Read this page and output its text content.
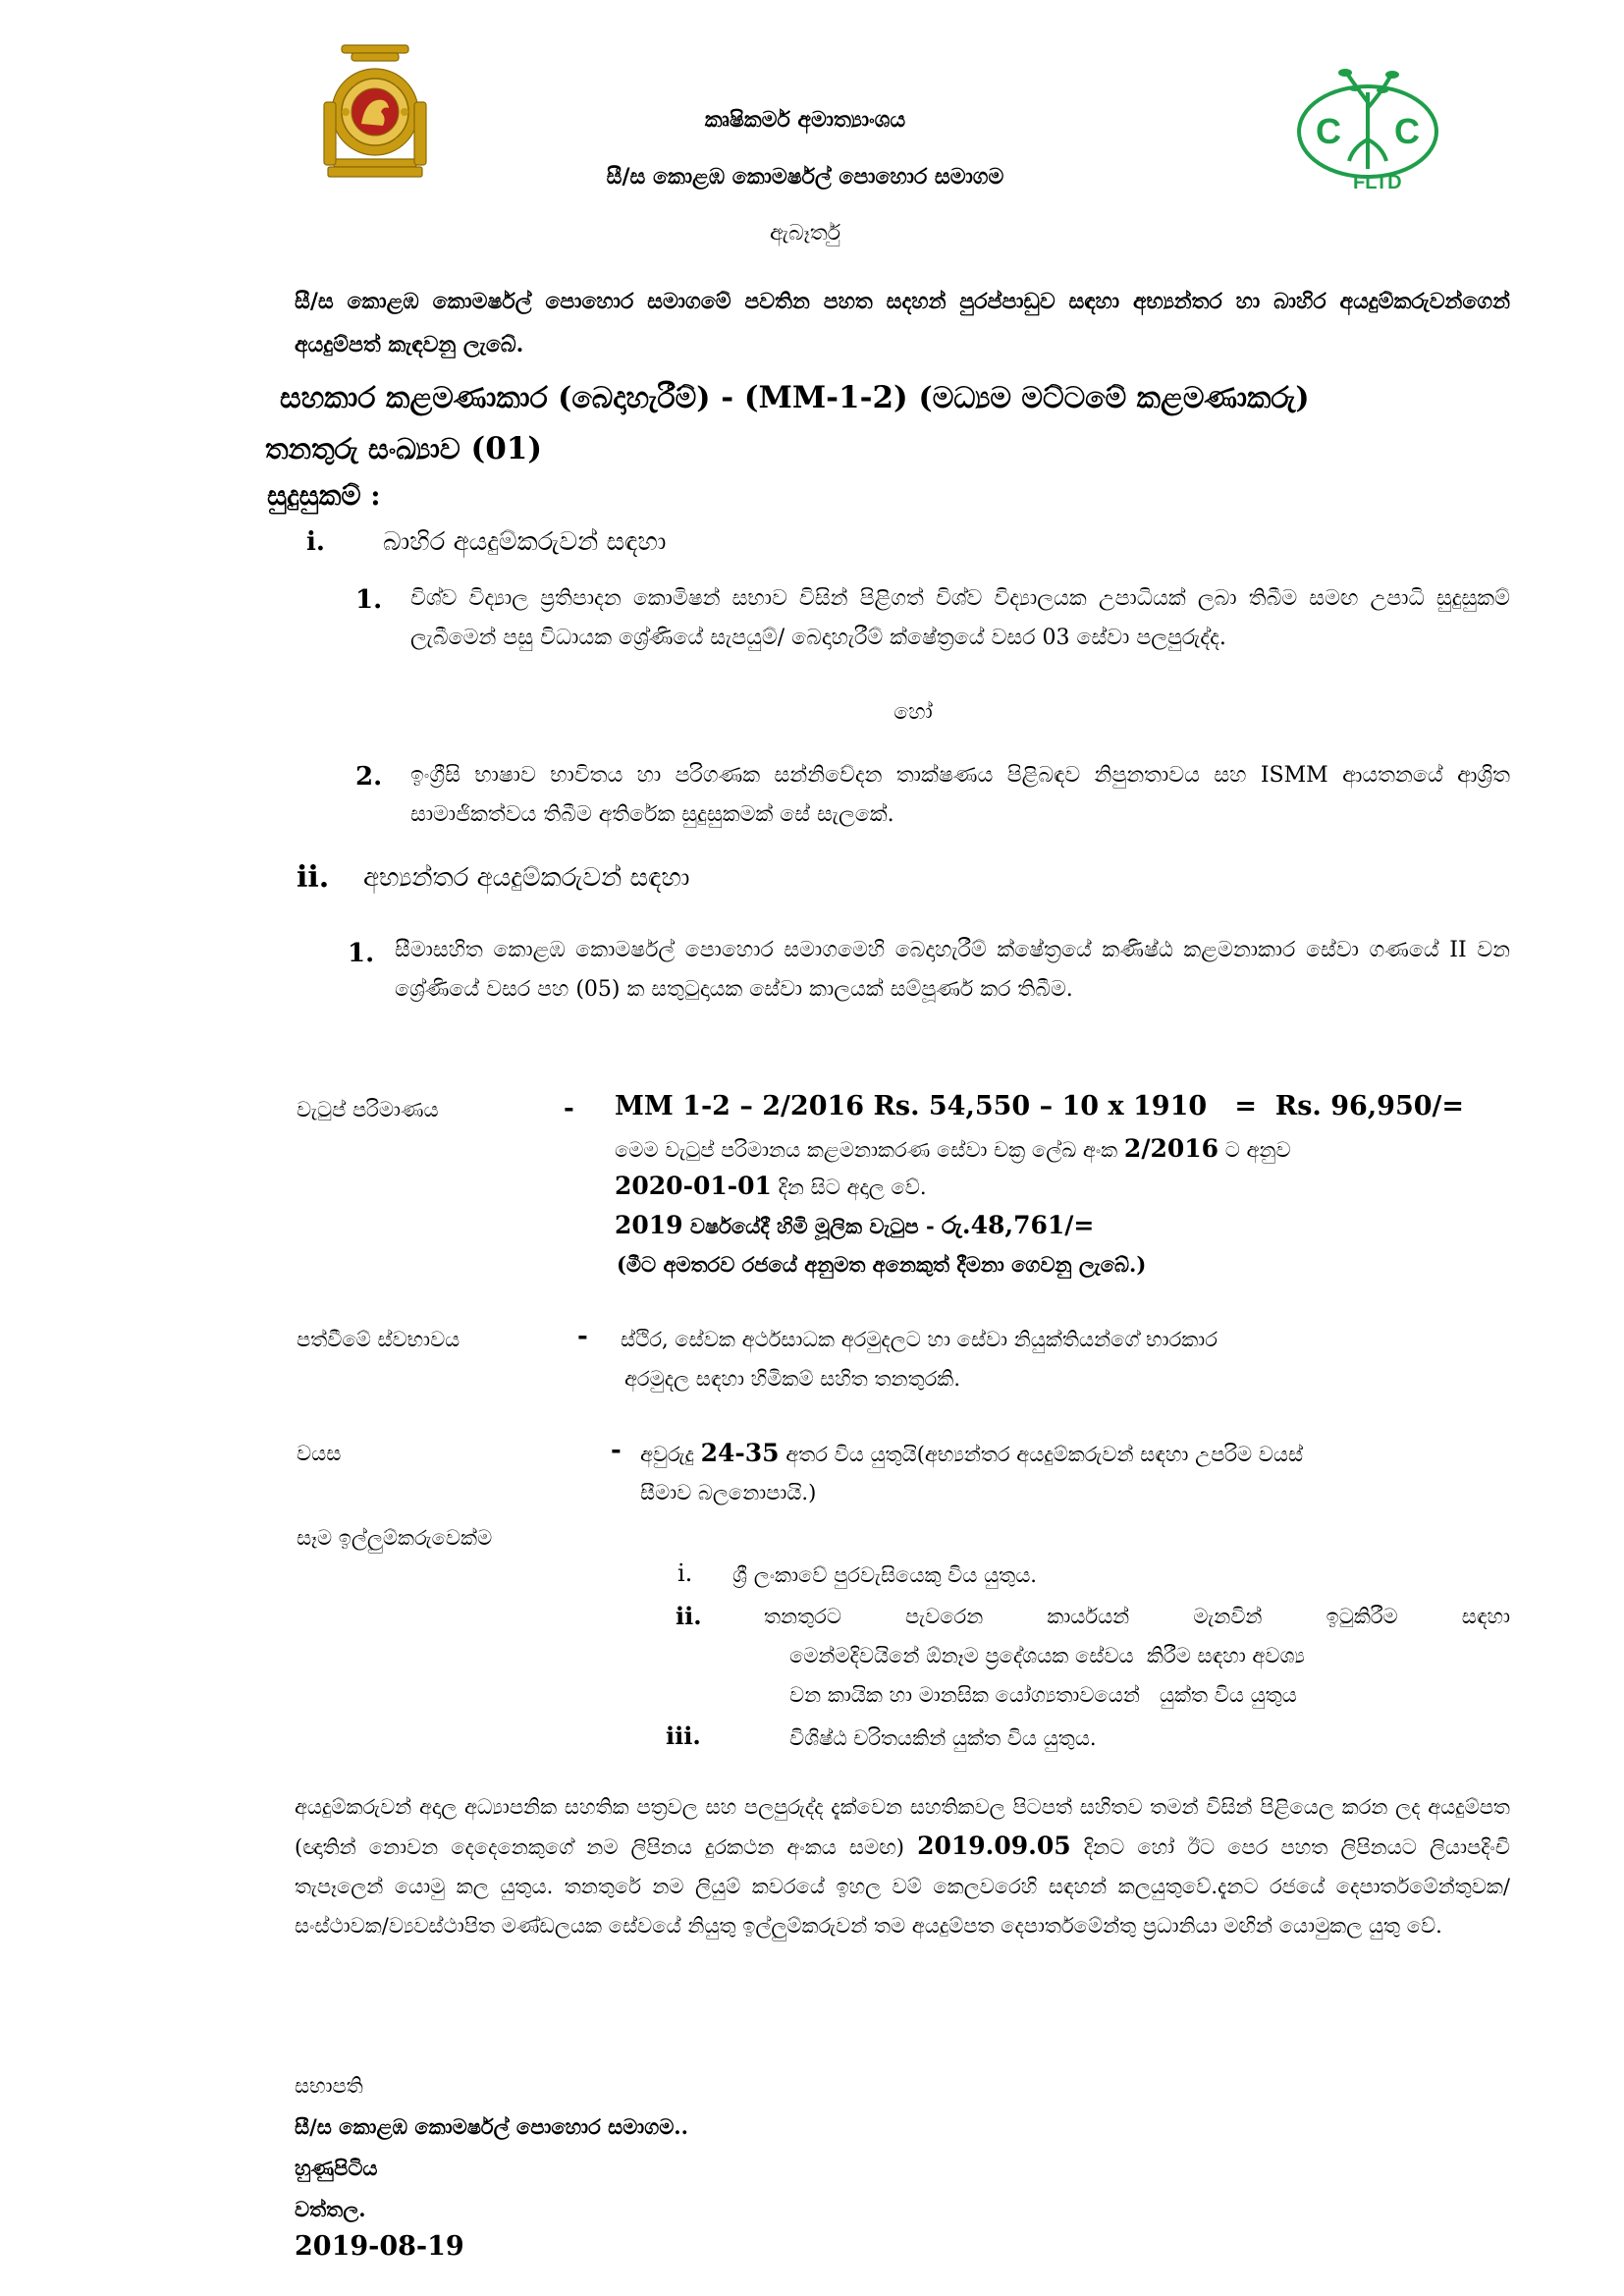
C C
FLTD
කෘෂිකර්ම අමාත්‍යාංශය
සී/ස කොළඹ කොමර්ෂල් පොහොර සමාගම
ඇබෑර්තු
සී/ස කොළඹ කොමර්ෂල් පොහොර සමාගමේ පවතින පහත සදහන් පුරප්පාඩුව සඳහා අභ්‍යන්තර හා බාහිර අයදුම්කරුවන්ගෙන් අයදුම්පත් කැඳවනු ලැබේ.
සහකාර කළමණාකාර (බෙදාහැරීම්) - (MM-1-2) (මධ්‍යම මට්ටමේ කළමණාකරු)
තනතුරු සංඛ්‍යාව (01)
සුදුසුකම් :
i.	බාහිර අයදුම්කරුවන් සඳහා
1. විශ්ව විද්‍යාල ප්‍රතිපාදන කොමිෂන් සභාව විසින් පිළිගත් විශ්ව විද්‍යාලයක උපාධියක් ලබා තිබීම සමඟ උපාධි සුදුසුකම් ලැබීමෙන් පසු විධායක ශ්‍රේණියේ සැපයුම්/ බෙදාහැරීම් ක්ෂේත්‍රයේ වසර 03 සේවා පලපුරුද්ද.
හෝ
2. ඉංග්‍රීසි භාෂාව භාවිතය හා පරිගණක සන්නිවේදන තාක්ෂණය පිළිබඳව නිපුනතාවය සහ ISMM ආයතනයේ ආශ්‍රිත සාමාජිකත්වය තිබීම අතිරේක සුදුසුකමක් සේ සැලකේ.
ii.	අභ්‍යන්තර අයදුම්කරුවන් සඳහා
1. සීමාසහිත කොළඹ කොමර්ෂල් පොහොර සමාගමෙහි බෙදාහැරීම් ක්ෂේත්‍රයේ කණිෂ්ඨ කළමනාකාර සේවා ගණයේ II වන ශ්‍රේණියේ වසර පහ (05) ක සතුටුදායක සේවා කාලයක් සම්පූර්ණ කර තිබීම.
වැටුප් පරිමාණය	- MM 1-2 – 2/2016 Rs. 54,550 – 10 x 1910   =  Rs. 96,950/=
මෙම වැටුප් පරිමානය කළමනාකරණ සේවා චක්‍ර ලේඛ අංක 2/2016 ට අනුව
2020-01-01 දින සිට අදාල වේ.
2019 වර්ෂයේදී හිමි මූලික වැටුප - රු.48,761/=
(මීට අමතරව රජයේ අනුමත අනෙකුත් දීමනා ගෙවනු ලැබේ.)
පත්වීමේ ස්වභාවය	- ස්ථිර, සේවක අර්ථසාධක අරමුදලට හා සේවා නියුක්තියන්ගේ භාරකාර
අරමුදල සඳහා හිමිකම් සහිත තනතුරකි.
වයස	- අවුරුදු 24-35 අතර විය යුතුයි(අභ්‍යන්තර අයදුම්කරුවන් සඳහා උපරිම වයස්
සීමාව බලනොපායි.)
සෑම ඉල්ලුම්කරුවෙක්ම
i. ශ්‍රී ලංකාවේ පුරවැසියෙකු විය යුතුය.
ii.	තනතුරට පැවරෙන කාර්යයන් මැනවින් ඉටුකිරීම සඳහා
මෙන්මදිවයිනේ ඕනෑම ප්‍රදේශයක සේවය  කිරීම සඳහා අවශ්‍ය
වන කායික හා මානසික යෝග්‍යතාවයෙන්   යුක්ත විය යුතුය
iii.	විශිෂ්ඨ චරිතයකින් යුක්ත විය යුතුය.
අයදුම්කරුවන් අදාල අධ්‍යාපනික සහතික පත්‍රවල සහ පලපුරුද්ද දැක්වෙන සහතිකවල පිටපත් සහිතව තමන් විසින් පිළියෙල කරන ලද අයදුම්පත (ඥාතින් නොවන දෙදෙනෙකුගේ නම ලිපිනය දුරකථන අංකය සමඟ) 2019.09.05 දිනට හෝ ඊට පෙර පහත ලිපිනයට ලියාපදිංචි තැපෑලෙන් යොමු කල යුතුය. තනතුරේ නම ලියුම් කවරයේ ඉහල වම් කෙලවරෙහි සඳහන් කලයුතුවේ.දැනට රජයේ දෙපාර්තමේන්තුවක/සංස්ථාවක/ව්‍යවස්ථාපිත මණ්ඩලයක සේවයේ නියුතු ඉල්ලුම්කරුවන් තම අයදුම්පත දෙපාර්තමේන්තු ප්‍රධානියා මඟින් යොමුකල යුතු වේ.
සභාපති
සී/ස කොළඹ කොමර්ෂල් පොහොර සමාගම..
හුණුපිටිය
වත්තල.
2019-08-19
